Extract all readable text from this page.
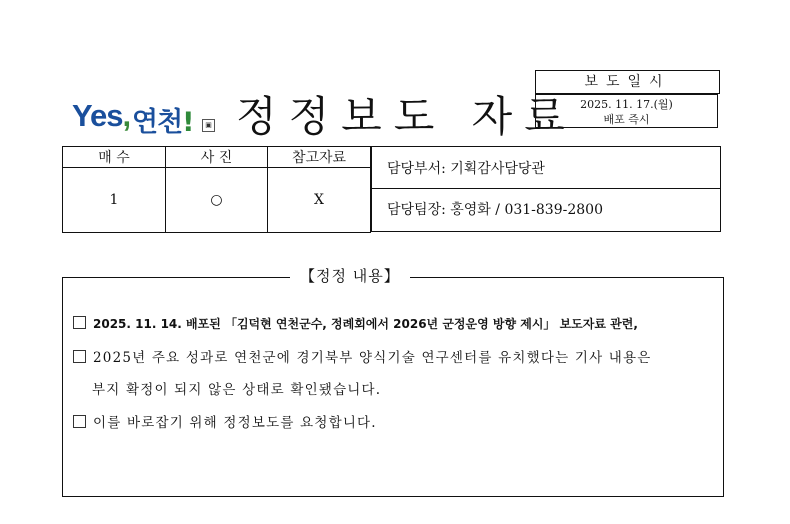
Yes, 연천!	▣ 정정보도 자료
보도일시
2025. 11. 17.(월)
배포 즉시
매 수	사 진	참고자료
1	○	X
담당부서: 기획감사담당관
담당팀장: 홍영화 / 031-839-2800
【정정 내용】
2025. 11. 14. 배포된 「김덕현 연천군수, 정례회에서 2026년 군정운영 방향 제시」 보도자료 관련,
2025년 주요 성과로 연천군에 경기북부 양식기술 연구센터를 유치했다는 기사 내용은
부지 확정이 되지 않은 상태로 확인됐습니다.
이를 바로잡기 위해 정정보도를 요청합니다.
